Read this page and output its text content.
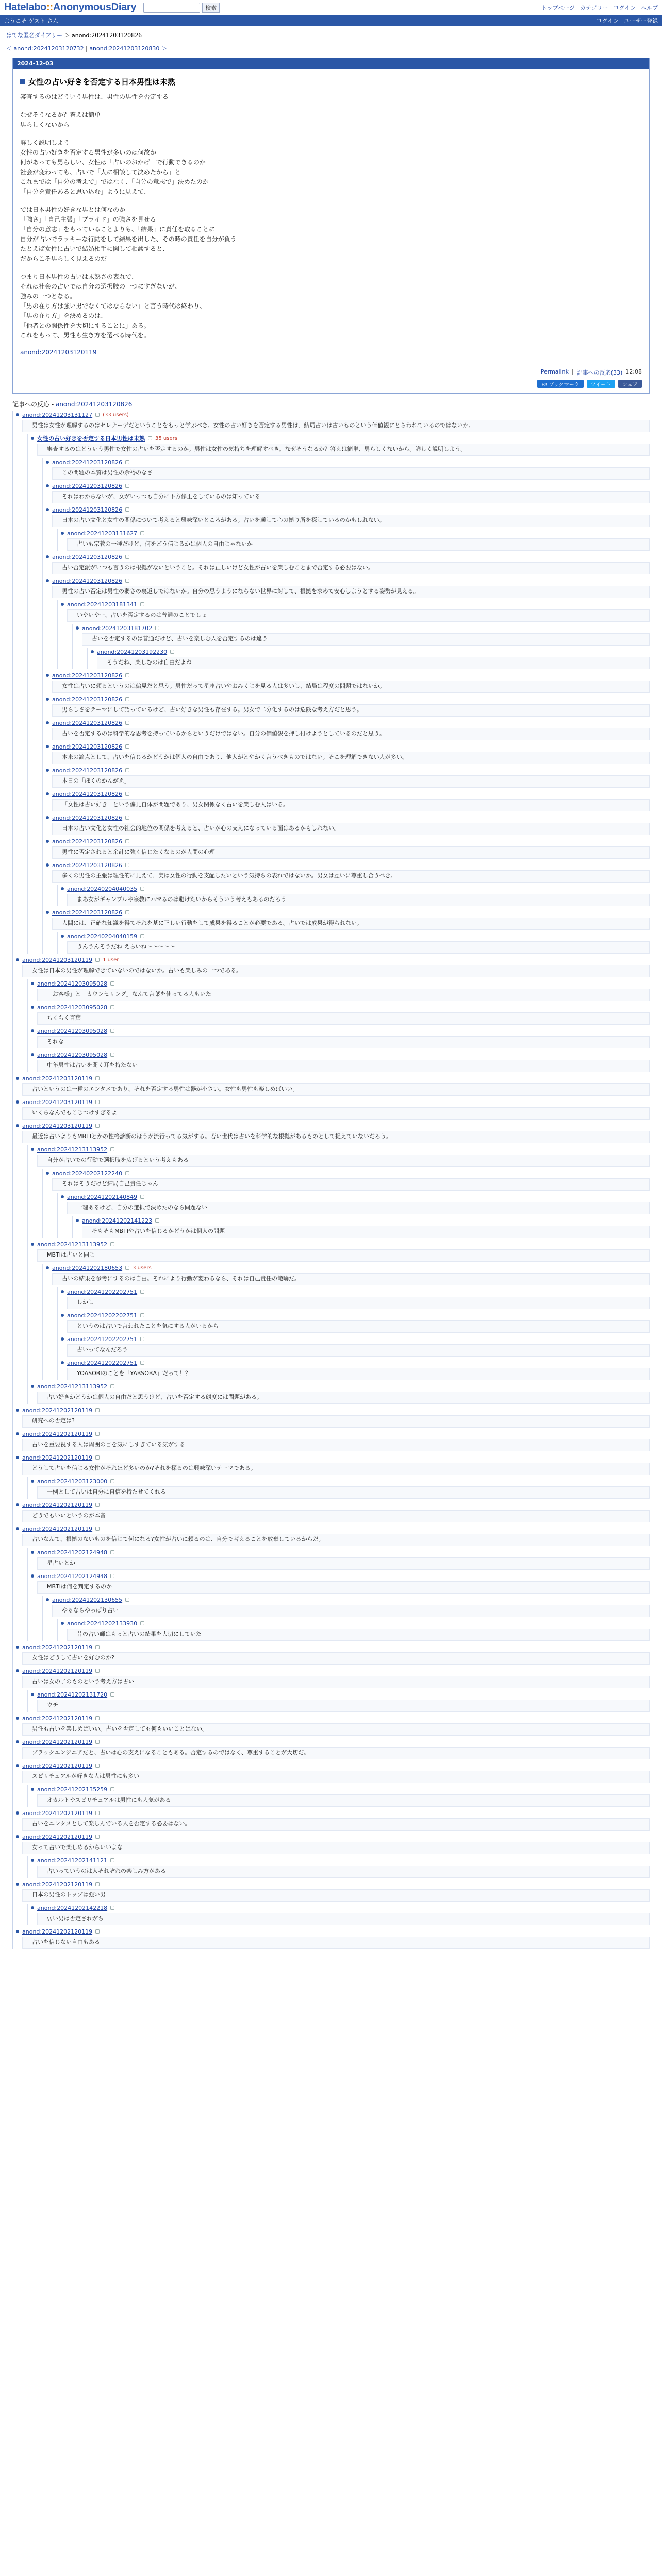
Hatelabo::AnonymousDiary	検索	トップページ カテゴリー ログイン ヘルプ
ようこそ ゲスト さん	ログイン ユーザー登録
はてな匿名ダイアリー ＞ anond:20241203120826
＜ anond:20241203120732 | anond:20241203120830 ＞
2024-12-03
女性の占い好きを否定する日本男性は未熟

審査するのはどういう男性は、男性の男性を否定する

なぜそうなるか？答えは簡単

男らしくないから

詳しく説明しよう

女性の占い好きを否定する男性が多いのは何故か

何があっても男らしい、女性は「占いのおかげ」で行動できるのか

社会が変わっても、占いで「人に相談して決めたから」と

これまでは「自分の考えで」ではなく、「自分の意志で」決めたのか

「自分を責任あると思い込む」ように見えて、

では日本男性の好きな男とは何なのか

「強さ」「自己主張」「プライド」の強さを見せる

「自分の意志」をもっていることよりも、「結果」に責任を取ることに

自分が占いでラッキーな行動をして結果を出した、その時の責任を自分が負う

たとえば女性に占いで結婚相手に関して相談すると、

だからこそ男らしく見えるのだ

つまり日本男性の占いは未熟さの表れで、

それは社会の占いでは自分の選択肢の一つにすぎないが、

強みの一つとなる。

「男の在り方は強い男でなくてはならない」と言う時代は終わり、

「男の在り方」を決めるのは、

「他者との関係性を大切にすることに」ある。

これをもって、男性も生き方を選べる時代を。

anond:20241203120119
Permalink | 記事への反応(33) 12:08
B! ブックマーク	ツイート	シェア
記事への反応 - anond:20241203120826
anond:20241203131127 (33 users)
男性は女性が理解するのはセレナーデだということをもっと学ぶべき。女性の占い好きを否定する男性は、結局占いは古いものという価値観にとらわれているのではないか。
女性の占い好きを否定する日本男性は未熟 35 users
審査するのはどういう男性で女性の占いを否定するのか。男性は女性の気持ちを理解すべき。なぜそうなるか？答えは簡単、男らしくないから。詳しく説明しよう。
anond:20241203120826
この問題の本質は男性の余裕のなさ
anond:20241203120826
それはわからないが、女がいっつも自分に下方修正をしているのは知っている
anond:20241203120826
日本の占い文化と女性の関係について考えると興味深いところがある。占いを通して心の拠り所を探しているのかもしれない。
anond:20241203131627
占いも宗教の一種だけど、何をどう信じるかは個人の自由じゃないか
anond:20241203120826
占い否定派がいつも言うのは根拠がないということ。それは正しいけど女性が占いを楽しむことまで否定する必要はない。
anond:20241203120826
男性の占い否定は男性の弱さの裏返しではないか。自分の思うようにならない世界に対して、根拠を求めて安心しようとする姿勢が見える。
anond:20241203181341
いやいやー、占いを否定するのは普通のことでしょ
anond:20241203181702
占いを否定するのは普通だけど、占いを楽しむ人を否定するのは違う
anond:20241203192230
そうだね、楽しむのは自由だよね
anond:20241203120826
女性は占いに頼るというのは偏見だと思う。男性だって星座占いやおみくじを見る人は多いし、結局は程度の問題ではないか。
anond:20241203120826
男らしさをテーマにして語っているけど、占い好きな男性も存在する。男女で二分化するのは危険な考え方だと思う。
anond:20241203120826
占いを否定するのは科学的な思考を持っているからというだけではない。自分の価値観を押し付けようとしているのだと思う。
anond:20241203120826
本来の論点として、占いを信じるかどうかは個人の自由であり、他人がとやかく言うべきものではない。そこを理解できない人が多い。
anond:20241203120826
本日の「ほくのかんがえ」
anond:20241203120826
「女性は占い好き」という偏見自体が問題であり、男女関係なく占いを楽しむ人はいる。
anond:20241203120826
日本の占い文化と女性の社会的地位の関係を考えると、占いが心の支えになっている面はあるかもしれない。
anond:20241203120826
男性に否定されると余計に強く信じたくなるのが人間の心理
anond:20241203120826
多くの男性の主張は理性的に見えて、実は女性の行動を支配したいという気持ちの表れではないか。男女は互いに尊重し合うべき。
anond:20240204040035
まあ女がギャンブルや宗教にハマるのは避けたいからそういう考えもあるのだろう
anond:20241203120826
人間には、正確な知識を得てそれを基に正しい行動をして成果を得ることが必要である。占いでは成果が得られない。
anond:20240204040159
うんうんそうだね えらいね〜〜〜〜〜
anond:20241203120119 1 user
女性は日本の男性が理解できていないのではないか。占いも楽しみの一つである。
anond:20241203095028
「お客様」と「カウンセリング」なんて言葉を使ってる人もいた
anond:20241203095028
ちくちく言葉
anond:20241203095028
それな
anond:20241203095028
中年男性は占いを聞く耳を持たない
anond:20241203120119
占いというのは一種のエンタメであり、それを否定する男性は器が小さい。女性も男性も楽しめばいい。
anond:20241203120119
いくらなんでもこじつけすぎるよ
anond:20241203120119
最近は占いよりもMBTIとかの性格診断のほうが流行ってる気がする。若い世代は占いを科学的な根拠があるものとして捉えていないだろう。
anond:20241213113952
自分が占いでの行動で選択肢を広げるという考えもある
anond:20240202122240
それはそうだけど結局自己責任じゃん
anond:20241202140849
一理あるけど、自分の選択で決めたのなら問題ない
anond:20241202141223
そもそもMBTIや占いを信じるかどうかは個人の問題
anond:20241213113952
MBTIは占いと同じ
anond:20241202180653 3 users
占いの結果を参考にするのは自由。それにより行動が変わるなら、それは自己責任の範疇だ。
anond:20241202202751
しかし
anond:20241202202751
というのは占いで言われたことを気にする人がいるから
anond:20241202202751
占いってなんだろう
anond:20241202202751
YOASOBIのことを「YABSOBA」だって！？
anond:20241213113952
占い好きかどうかは個人の自由だと思うけど、占いを否定する態度には問題がある。
anond:20241202120119
研究への否定は?
anond:20241202120119
占いを重要視する人は周囲の目を気にしすぎている気がする
anond:20241202120119
どうして占いを信じる女性がそれほど多いのか?それを探るのは興味深いテーマである。
anond:20241203123000
一例として占いは自分に自信を持たせてくれる
anond:20241202120119
どうでもいいというのが本音
anond:20241202120119
占いなんて、根拠のないものを信じて何になる?女性が占いに頼るのは、自分で考えることを放棄しているからだ。
anond:20241202124948
星占いとか
anond:20241202124948
MBTIは何を判定するのか
anond:20241202130655
やるならやっぱり占い
anond:20241202133930
昔の占い師はもっと占いの結果を大切にしていた
anond:20241202120119
女性はどうして占いを好むのか?
anond:20241202120119
占いは女の子のものという考え方は古い
anond:20241202131720
ウチ
anond:20241202120119
男性も占いを楽しめばいい。占いを否定しても何もいいことはない。
anond:20241202120119
ブラックエンジニアだと、占いは心の支えになることもある。否定するのではなく、尊重することが大切だ。
anond:20241202120119
スピリチュアルが好きな人は男性にも多い
anond:20241202135259
オカルトやスピリチュアルは男性にも人気がある
anond:20241202120119
占いをエンタメとして楽しんでいる人を否定する必要はない。
anond:20241202120119
女って占いで楽しめるからいいよな
anond:20241202141121
占いっていうのは人それぞれの楽しみ方がある
anond:20241202120119
日本の男性のトップは強い男
anond:20241202142218
弱い男は否定されがち
anond:20241202120119
占いを信じない自由もある
